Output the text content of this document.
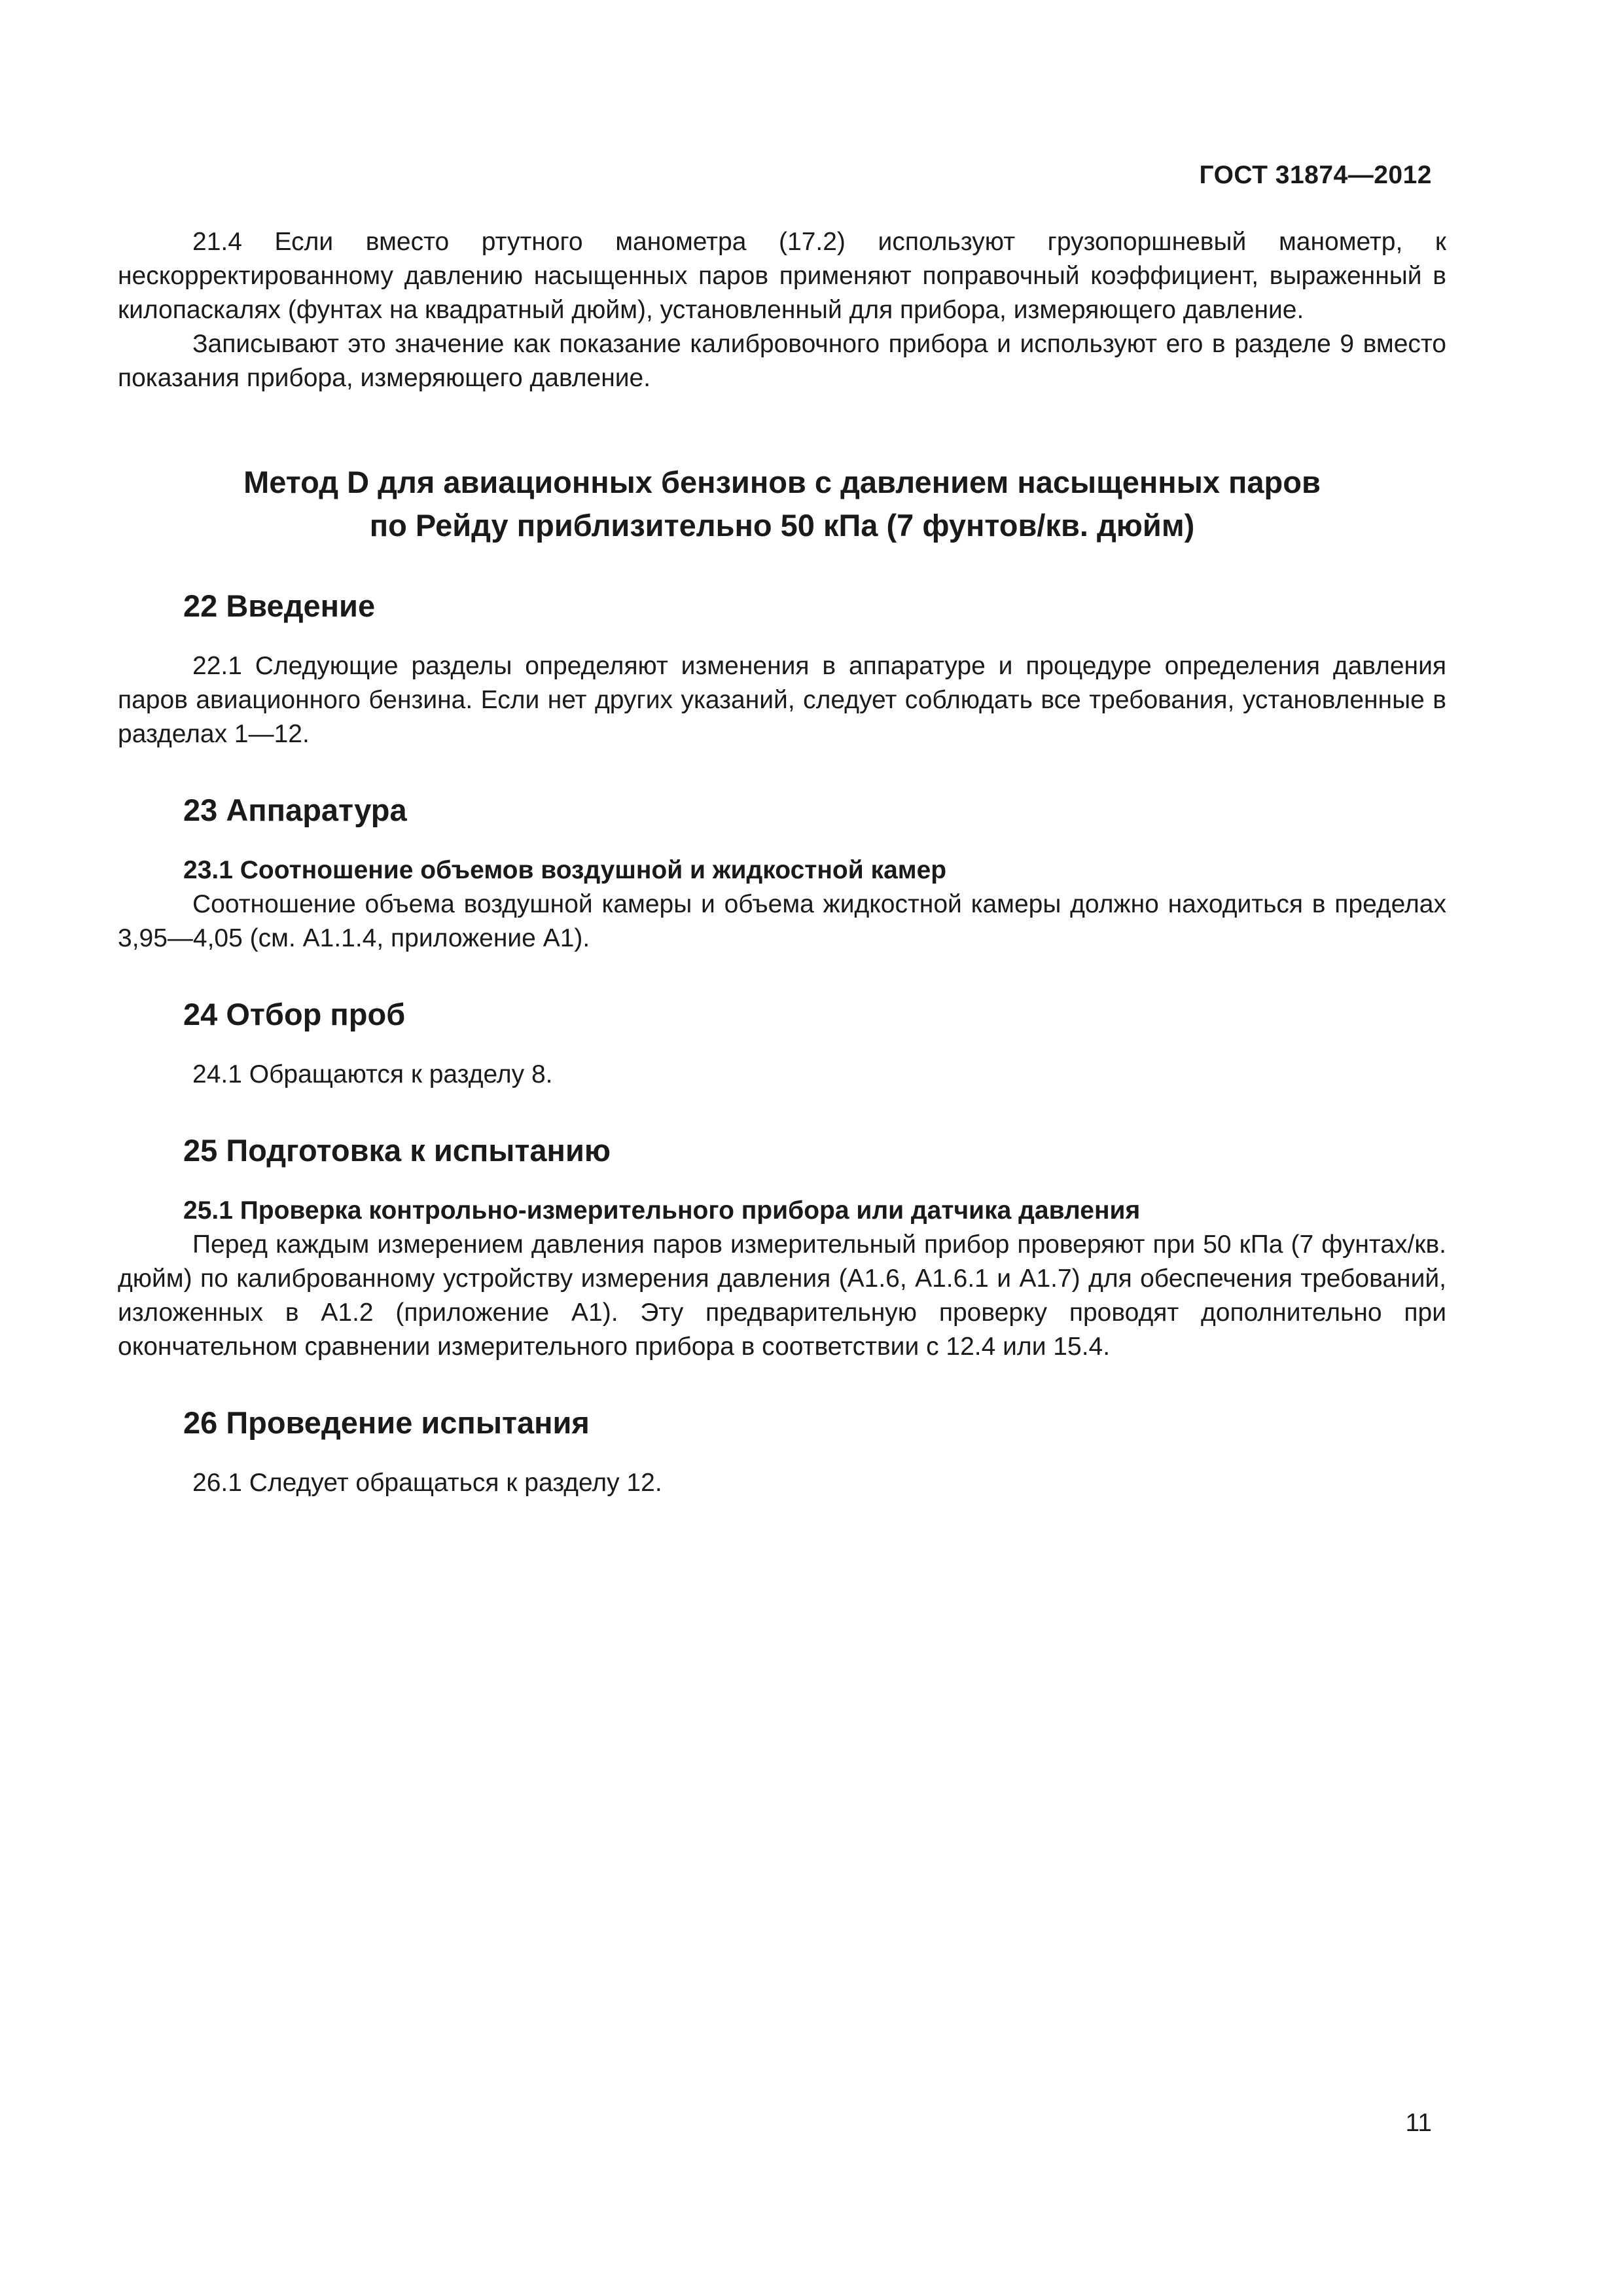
ГОСТ 31874—2012

21.4 Если вместо ртутного манометра (17.2) используют грузопоршневый манометр, к нескорректированному давлению насыщенных паров применяют поправочный коэффициент, выраженный в килопаскалях (фунтах на квадратный дюйм), установленный для прибора, измеряющего давление.

Записывают это значение как показание калибровочного прибора и используют его в разделе 9 вместо показания прибора, измеряющего давление.

Метод D для авиационных бензинов с давлением насыщенных паров
по Рейду приблизительно 50 кПа (7 фунтов/кв. дюйм)
22 Введение

22.1 Следующие разделы определяют изменения в аппаратуре и процедуре определения давления паров авиационного бензина. Если нет других указаний, следует соблюдать все требования, установленные в разделах 1—12.

23 Аппаратура
23.1 Соотношение объемов воздушной и жидкостной камер

Соотношение объема воздушной камеры и объема жидкостной камеры должно находиться в пределах 3,95—4,05 (см. А1.1.4, приложение А1).

24 Отбор проб

24.1 Обращаются к разделу 8.

25 Подготовка к испытанию
25.1 Проверка контрольно-измерительного прибора или датчика давления

Перед каждым измерением давления паров измерительный прибор проверяют при 50 кПа (7 фунтах/кв. дюйм) по калиброванному устройству измерения давления (А1.6, А1.6.1 и А1.7) для обеспечения требований, изложенных в А1.2 (приложение А1). Эту предварительную проверку проводят дополнительно при окончательном сравнении измерительного прибора в соответствии с 12.4 или 15.4.

26 Проведение испытания

26.1 Следует обращаться к разделу 12.

11
